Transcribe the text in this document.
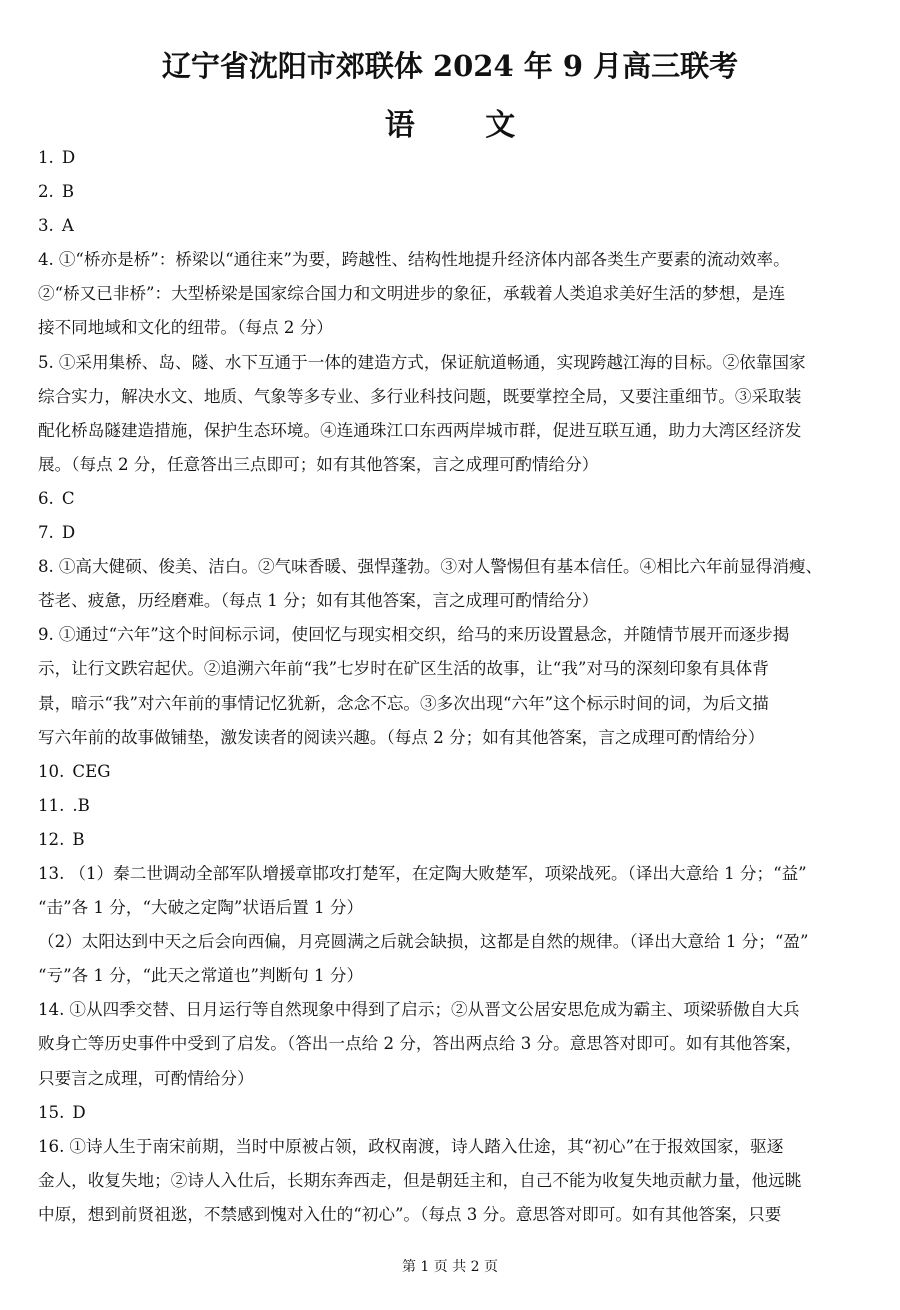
辽宁省沈阳市郊联体 2024 年 9 月高三联考
语 文
1. D
2. B
3. A
4. ①“桥亦是桥”：桥梁以“通往来”为要，跨越性、结构性地提升经济体内部各类生产要素的流动效率。
②“桥又已非桥”：大型桥梁是国家综合国力和文明进步的象征，承载着人类追求美好生活的梦想，是连
接不同地域和文化的纽带。（每点 2 分）
5. ①采用集桥、岛、隧、水下互通于一体的建造方式，保证航道畅通，实现跨越江海的目标。②依靠国家
综合实力，解决水文、地质、气象等多专业、多行业科技问题，既要掌控全局，又要注重细节。③采取装
配化桥岛隧建造措施，保护生态环境。④连通珠江口东西两岸城市群，促进互联互通，助力大湾区经济发
展。（每点 2 分，任意答出三点即可；如有其他答案，言之成理可酌情给分）
6. C
7. D
8. ①高大健硕、俊美、洁白。②气味香暖、强悍蓬勃。③对人警惕但有基本信任。④相比六年前显得消瘦、
苍老、疲惫，历经磨难。（每点 1 分；如有其他答案，言之成理可酌情给分）
9. ①通过“六年”这个时间标示词，使回忆与现实相交织，给马的来历设置悬念，并随情节展开而逐步揭
示，让行文跌宕起伏。②追溯六年前“我”七岁时在矿区生活的故事，让“我”对马的深刻印象有具体背
景，暗示“我”对六年前的事情记忆犹新，念念不忘。③多次出现“六年”这个标示时间的词，为后文描
写六年前的故事做铺垫，激发读者的阅读兴趣。（每点 2 分；如有其他答案，言之成理可酌情给分）
10. CEG
11. .B
12. B
13. （1）秦二世调动全部军队增援章邯攻打楚军，在定陶大败楚军，项梁战死。（译出大意给 1 分；“益”
“击”各 1 分，“大破之定陶”状语后置 1 分）
（2）太阳达到中天之后会向西偏，月亮圆满之后就会缺损，这都是自然的规律。（译出大意给 1 分；“盈”
“亏”各 1 分，“此天之常道也”判断句 1 分）
14. ①从四季交替、日月运行等自然现象中得到了启示；②从晋文公居安思危成为霸主、项梁骄傲自大兵
败身亡等历史事件中受到了启发。（答出一点给 2 分，答出两点给 3 分。意思答对即可。如有其他答案，
只要言之成理，可酌情给分）
15. D
16. ①诗人生于南宋前期，当时中原被占领，政权南渡，诗人踏入仕途，其“初心”在于报效国家，驱逐
金人，收复失地；②诗人入仕后，长期东奔西走，但是朝廷主和，自己不能为收复失地贡献力量，他远眺
中原，想到前贤祖逖，不禁感到愧对入仕的“初心”。（每点 3 分。意思答对即可。如有其他答案，只要
第 1 页 共 2 页
